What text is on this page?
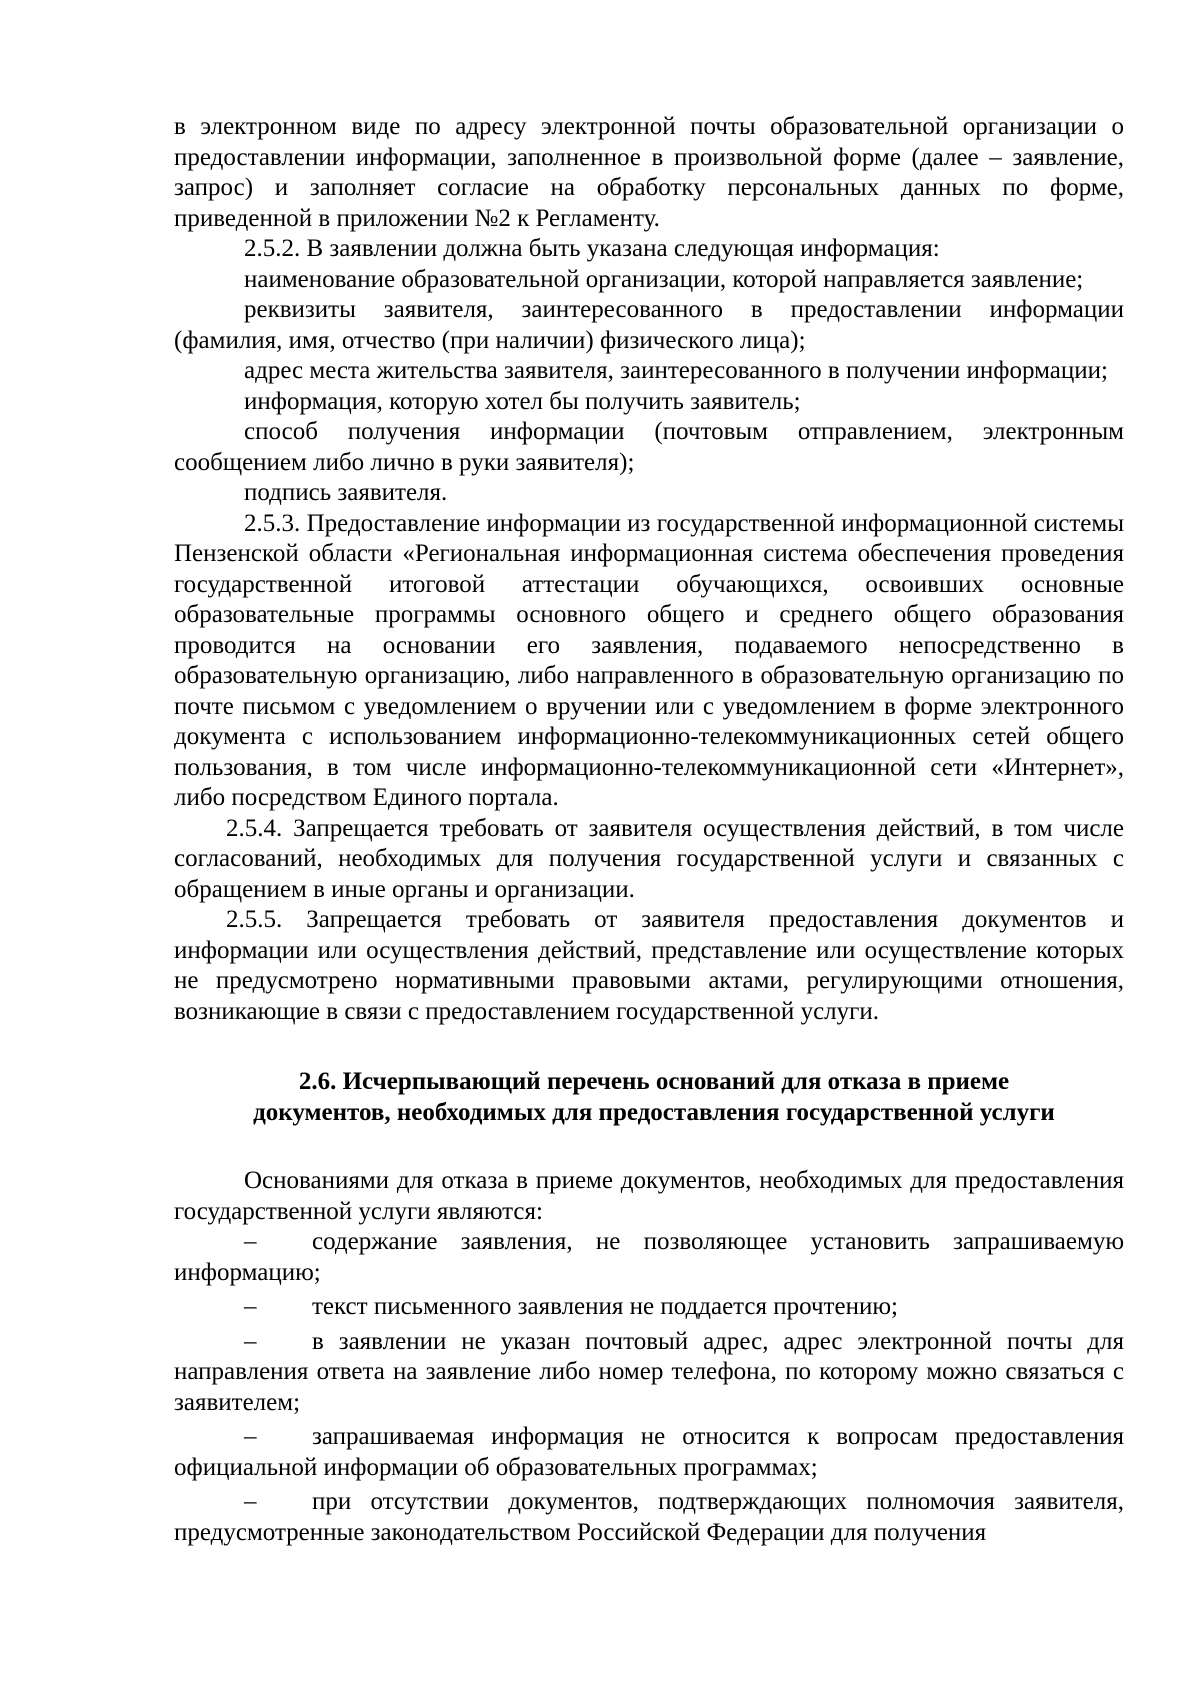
в электронном виде по адресу электронной почты образовательной организации о предоставлении информации, заполненное в произвольной форме (далее – заявление, запрос) и заполняет согласие на обработку персональных данных по форме, приведенной в приложении №2 к Регламенту.

2.5.2. В заявлении должна быть указана следующая информация:

наименование образовательной организации, которой направляется заявление;

реквизиты заявителя, заинтересованного в предоставлении информации (фамилия, имя, отчество (при наличии) физического лица);

адрес места жительства заявителя, заинтересованного в получении информации;

информация, которую хотел бы получить заявитель;

способ получения информации (почтовым отправлением, электронным сообщением либо лично в руки заявителя);

подпись заявителя.

2.5.3. Предоставление информации из государственной информационной системы Пензенской области «Региональная информационная система обеспечения проведения государственной итоговой аттестации обучающихся, освоивших основные образовательные программы основного общего и среднего общего образования проводится на основании его заявления, подаваемого непосредственно в образовательную организацию, либо направленного в образовательную организацию по почте письмом с уведомлением о вручении или с уведомлением в форме электронного документа с использованием информационно-телекоммуникационных сетей общего пользования, в том числе информационно-телекоммуникационной сети «Интернет», либо посредством Единого портала.

2.5.4. Запрещается требовать от заявителя осуществления действий, в том числе согласований, необходимых для получения государственной услуги и связанных с обращением в иные органы и организации.

2.5.5. Запрещается требовать от заявителя предоставления документов и информации или осуществления действий, представление или осуществление которых не предусмотрено нормативными правовыми актами, регулирующими отношения, возникающие в связи с предоставлением государственной услуги.

2.6. Исчерпывающий перечень оснований для отказа в приеме
документов, необходимых для предоставления государственной услуги

Основаниями для отказа в приеме документов, необходимых для предоставления государственной услуги являются:

– содержание заявления, не позволяющее установить запрашиваемую информацию;

– текст письменного заявления не поддается прочтению;

– в заявлении не указан почтовый адрес, адрес электронной почты для направления ответа на заявление либо номер телефона, по которому можно связаться с заявителем;

– запрашиваемая информация не относится к вопросам предоставления официальной информации об образовательных программах;

– при отсутствии документов, подтверждающих полномочия заявителя, предусмотренные законодательством Российской Федерации для получения
